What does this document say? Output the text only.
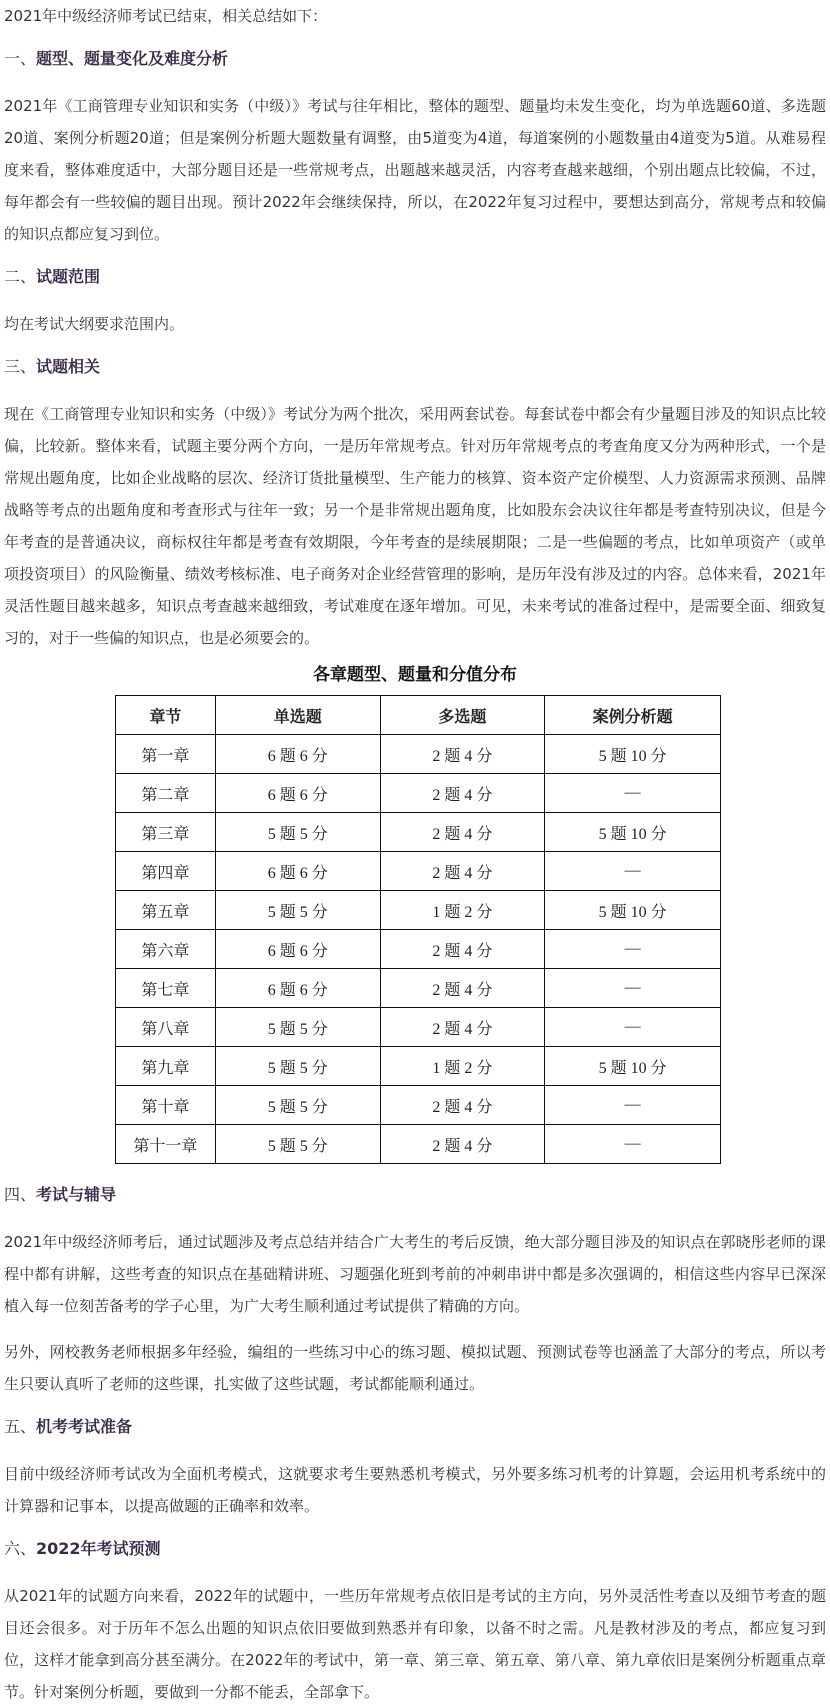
2021年中级经济师考试已结束，相关总结如下：

一、题型、题量变化及难度分析

2021年《工商管理专业知识和实务（中级）》考试与往年相比，整体的题型、题量均未发生变化，均为单选题60道、多选题20道、案例分析题20道；但是案例分析题大题数量有调整，由5道变为4道，每道案例的小题数量由4道变为5道。从难易程度来看，整体难度适中，大部分题目还是一些常规考点，出题越来越灵活，内容考查越来越细，个别出题点比较偏，不过，每年都会有一些较偏的题目出现。预计2022年会继续保持，所以，在2022年复习过程中，要想达到高分，常规考点和较偏的知识点都应复习到位。

二、试题范围

均在考试大纲要求范围内。

三、试题相关

现在《工商管理专业知识和实务（中级）》考试分为两个批次，采用两套试卷。每套试卷中都会有少量题目涉及的知识点比较偏，比较新。整体来看，试题主要分两个方向，一是历年常规考点。针对历年常规考点的考查角度又分为两种形式，一个是常规出题角度，比如企业战略的层次、经济订货批量模型、生产能力的核算、资本资产定价模型、人力资源需求预测、品牌战略等考点的出题角度和考查形式与往年一致；另一个是非常规出题角度，比如股东会决议往年都是考查特别决议，但是今年考查的是普通决议，商标权往年都是考查有效期限，今年考查的是续展期限；二是一些偏题的考点，比如单项资产（或单项投资项目）的风险衡量、绩效考核标准、电子商务对企业经营管理的影响，是历年没有涉及过的内容。总体来看，2021年灵活性题目越来越多，知识点考查越来越细致，考试难度在逐年增加。可见，未来考试的准备过程中，是需要全面、细致复习的，对于一些偏的知识点，也是必须要会的。

各章题型、题量和分值分布
章节	单选题	多选题	案例分析题
第一章	6 题 6 分	2 题 4 分	5 题 10 分
第二章	6 题 6 分	2 题 4 分	—
第三章	5 题 5 分	2 题 4 分	5 题 10 分
第四章	6 题 6 分	2 题 4 分	—
第五章	5 题 5 分	1 题 2 分	5 题 10 分
第六章	6 题 6 分	2 题 4 分	—
第七章	6 题 6 分	2 题 4 分	—
第八章	5 题 5 分	2 题 4 分	—
第九章	5 题 5 分	1 题 2 分	5 题 10 分
第十章	5 题 5 分	2 题 4 分	—
第十一章	5 题 5 分	2 题 4 分	—
四、考试与辅导

2021年中级经济师考后，通过试题涉及考点总结并结合广大考生的考后反馈，绝大部分题目涉及的知识点在郭晓彤老师的课程中都有讲解，这些考查的知识点在基础精讲班、习题强化班到考前的冲刺串讲中都是多次强调的，相信这些内容早已深深植入每一位刻苦备考的学子心里，为广大考生顺利通过考试提供了精确的方向。

另外，网校教务老师根据多年经验，编组的一些练习中心的练习题、模拟试题、预测试卷等也涵盖了大部分的考点，所以考生只要认真听了老师的这些课，扎实做了这些试题，考试都能顺利通过。

五、机考考试准备

目前中级经济师考试改为全面机考模式，这就要求考生要熟悉机考模式，另外要多练习机考的计算题，会运用机考系统中的计算器和记事本，以提高做题的正确率和效率。

六、2022年考试预测

从2021年的试题方向来看，2022年的试题中，一些历年常规考点依旧是考试的主方向，另外灵活性考查以及细节考查的题目还会很多。对于历年不怎么出题的知识点依旧要做到熟悉并有印象，以备不时之需。凡是教材涉及的考点，都应复习到位，这样才能拿到高分甚至满分。在2022年的考试中，第一章、第三章、第五章、第八章、第九章依旧是案例分析题重点章节。针对案例分析题，要做到一分都不能丢，全部拿下。
